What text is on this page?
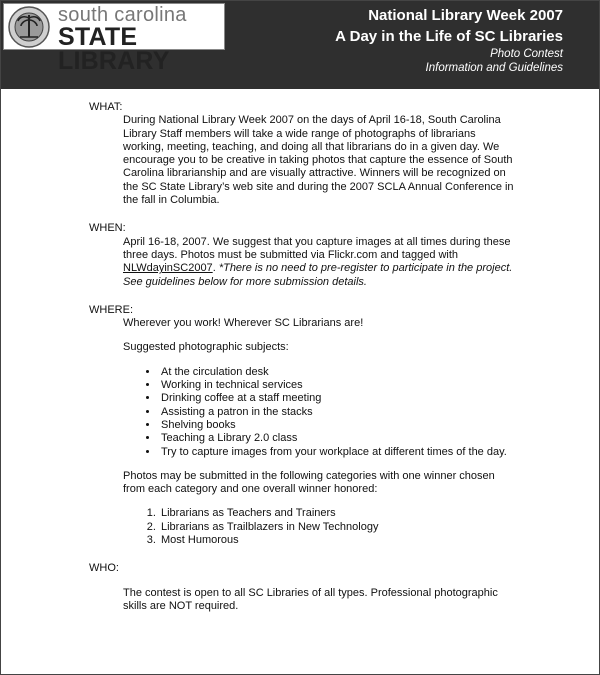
south carolina
STATE LIBRARY
National Library Week 2007
A Day in the Life of SC Libraries
Photo Contest
Information and Guidelines

WHAT:

During National Library Week 2007 on the days of April 16-18, South Carolina Library Staff members will take a wide range of photographs of librarians working, meeting, teaching, and doing all that librarians do in a given day. We encourage you to be creative in taking photos that capture the essence of South Carolina librarianship and are visually attractive. Winners will be recognized on the SC State Library’s web site and during the 2007 SCLA Annual Conference in the fall in Columbia.

WHEN:

April 16-18, 2007. We suggest that you capture images at all times during these three days. Photos must be submitted via Flickr.com and tagged with NLWdayinSC2007. *There is no need to pre-register to participate in the project. See guidelines below for more submission details.

WHERE:

Wherever you work! Wherever SC Librarians are!

Suggested photographic subjects:

• At the circulation desk
• Working in technical services
• Drinking coffee at a staff meeting
• Assisting a patron in the stacks
• Shelving books
• Teaching a Library 2.0 class
• Try to capture images from your workplace at different times of the day.

Photos may be submitted in the following categories with one winner chosen from each category and one overall winner honored:

1. Librarians as Teachers and Trainers
2. Librarians as Trailblazers in New Technology
3. Most Humorous

WHO:

The contest is open to all SC Libraries of all types. Professional photographic skills are NOT required.
